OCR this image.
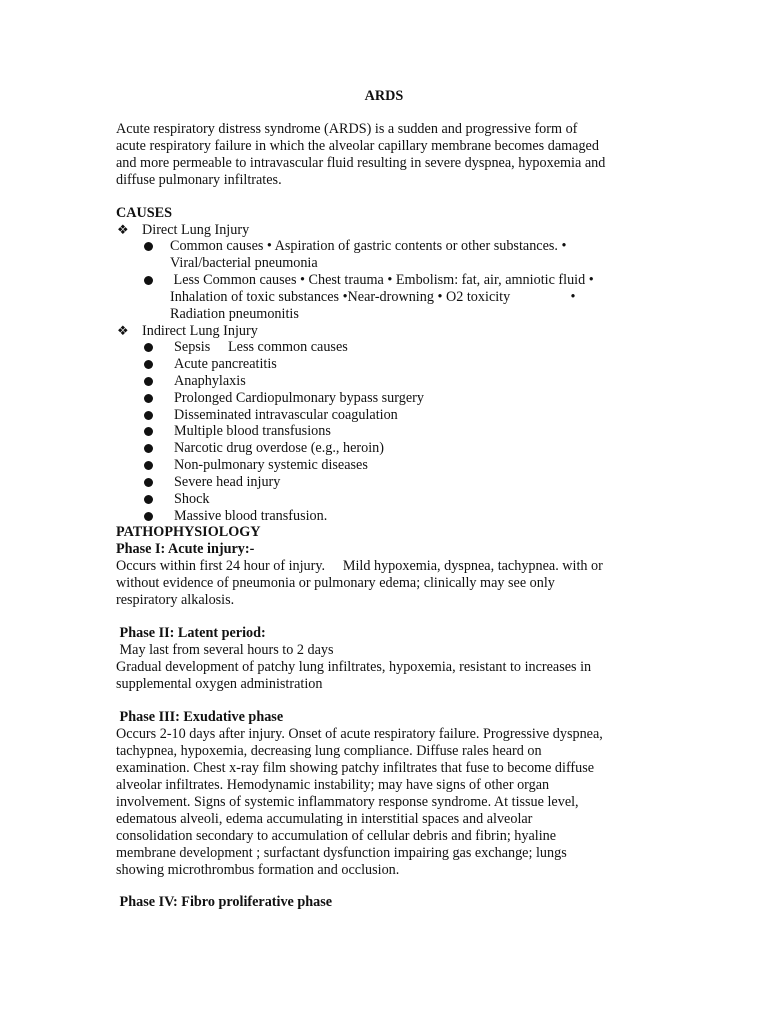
ARDS
Acute respiratory distress syndrome (ARDS) is a sudden and progressive form of
acute respiratory failure in which the alveolar capillary membrane becomes damaged
and more permeable to intravascular fluid resulting in severe dyspnea, hypoxemia and
diffuse pulmonary infiltrates.
CAUSES
❖ Direct Lung Injury
Common causes • Aspiration of gastric contents or other substances. •
Viral/bacterial pneumonia
Less Common causes • Chest trauma • Embolism: fat, air, amniotic fluid •
Inhalation of toxic substances •Near-drowning • O2 toxicity                 •
Radiation pneumonitis
❖ Indirect Lung Injury
Sepsis     Less common causes
Acute pancreatitis
Anaphylaxis
Prolonged Cardiopulmonary bypass surgery
Disseminated intravascular coagulation
Multiple blood transfusions
Narcotic drug overdose (e.g., heroin)
Non-pulmonary systemic diseases
Severe head injury
Shock
Massive blood transfusion.
PATHOPHYSIOLOGY
Phase I: Acute injury:-
Occurs within first 24 hour of injury.     Mild hypoxemia, dyspnea, tachypnea. with or
without evidence of pneumonia or pulmonary edema; clinically may see only
respiratory alkalosis.
Phase II: Latent period:
May last from several hours to 2 days
Gradual development of patchy lung infiltrates, hypoxemia, resistant to increases in
supplemental oxygen administration
Phase III: Exudative phase
Occurs 2-10 days after injury. Onset of acute respiratory failure. Progressive dyspnea,
tachypnea, hypoxemia, decreasing lung compliance. Diffuse rales heard on
examination. Chest x-ray film showing patchy infiltrates that fuse to become diffuse
alveolar infiltrates. Hemodynamic instability; may have signs of other organ
involvement. Signs of systemic inflammatory response syndrome. At tissue level,
edematous alveoli, edema accumulating in interstitial spaces and alveolar
consolidation secondary to accumulation of cellular debris and fibrin; hyaline
membrane development ; surfactant dysfunction impairing gas exchange; lungs
showing microthrombus formation and occlusion.
Phase IV: Fibro proliferative phase
